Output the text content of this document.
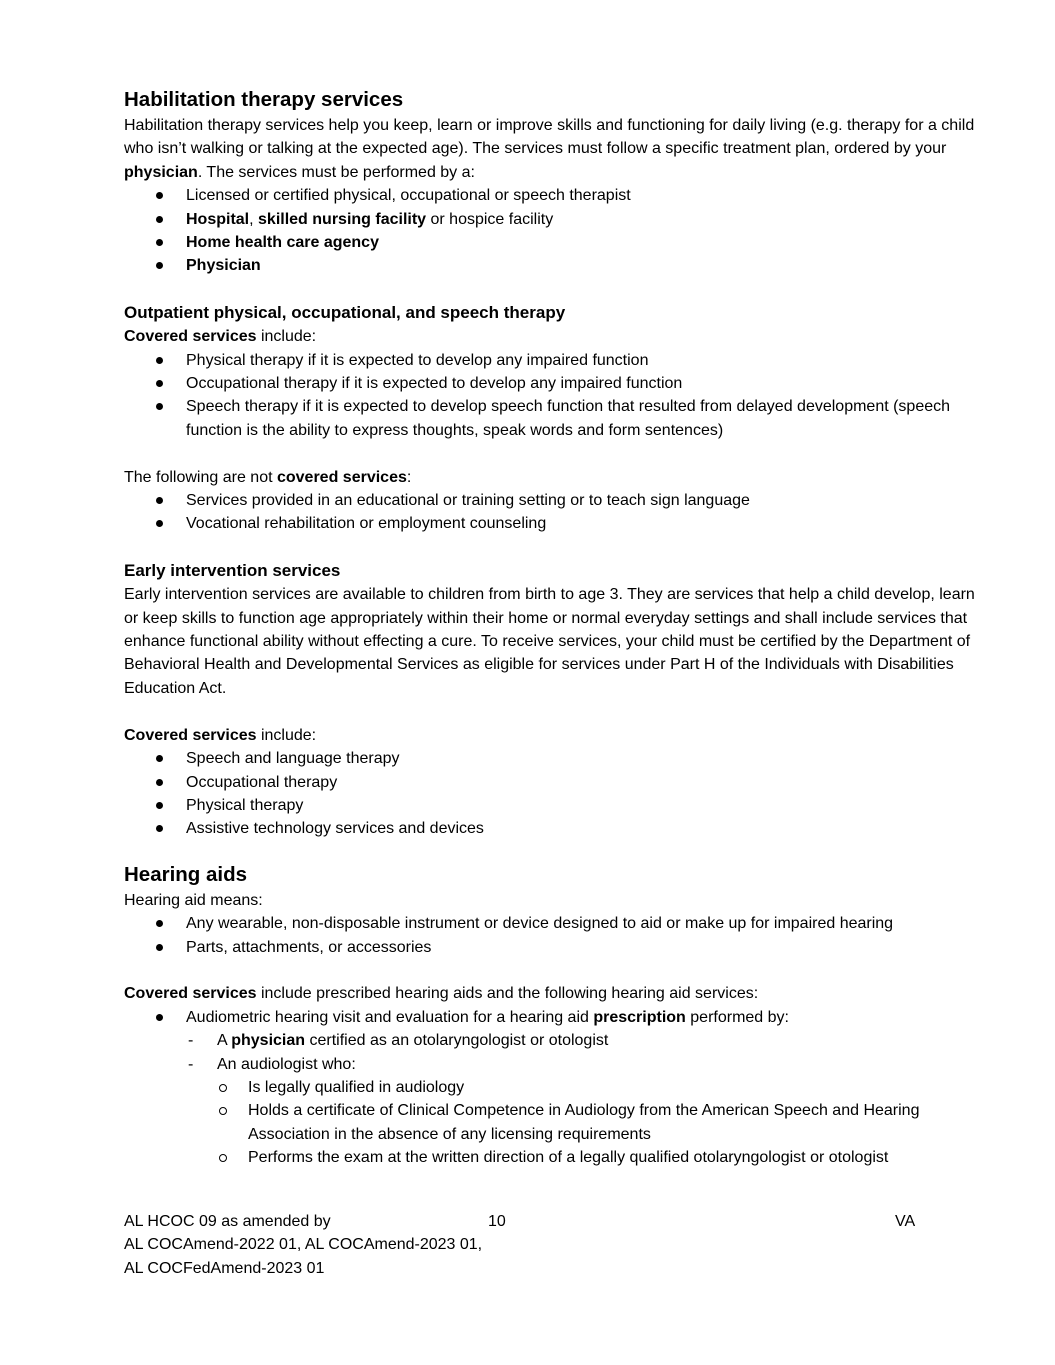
Habilitation therapy services

Habilitation therapy services help you keep, learn or improve skills and functioning for daily living (e.g. therapy for a child who isn’t walking or talking at the expected age). The services must follow a specific treatment plan, ordered by your physician. The services must be performed by a:

Licensed or certified physical, occupational or speech therapist
Hospital, skilled nursing facility or hospice facility
Home health care agency
Physician
Outpatient physical, occupational, and speech therapy

Covered services include:

Physical therapy if it is expected to develop any impaired function
Occupational therapy if it is expected to develop any impaired function
Speech therapy if it is expected to develop speech function that resulted from delayed development (speech function is the ability to express thoughts, speak words and form sentences)

The following are not covered services:

Services provided in an educational or training setting or to teach sign language
Vocational rehabilitation or employment counseling
Early intervention services

Early intervention services are available to children from birth to age 3. They are services that help a child develop, learn or keep skills to function age appropriately within their home or normal everyday settings and shall include services that enhance functional ability without effecting a cure. To receive services, your child must be certified by the Department of Behavioral Health and Developmental Services as eligible for services under Part H of the Individuals with Disabilities Education Act.

Covered services include:

Speech and language therapy
Occupational therapy
Physical therapy
Assistive technology services and devices
Hearing aids

Hearing aid means:

Any wearable, non-disposable instrument or device designed to aid or make up for impaired hearing
Parts, attachments, or accessories

Covered services include prescribed hearing aids and the following hearing aid services:

Audiometric hearing visit and evaluation for a hearing aid prescription performed by:
- A physician certified as an otolaryngologist or otologist
- An audiologist who:
Is legally qualified in audiology
Holds a certificate of Clinical Competence in Audiology from the American Speech and Hearing Association in the absence of any licensing requirements
Performs the exam at the written direction of a legally qualified otolaryngologist or otologist
AL HCOC 09 as amended by
AL COCAmend-2022 01, AL COCAmend-2023 01,
AL COCFedAmend-2023 01
10	VA
